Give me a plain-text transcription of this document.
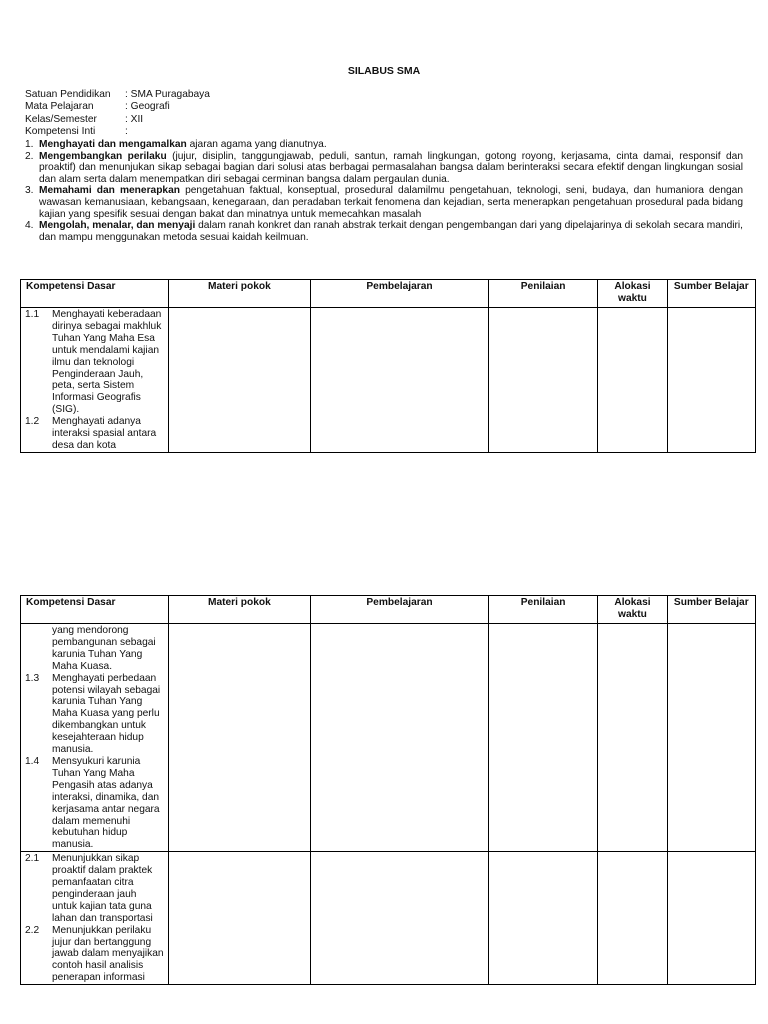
SILABUS SMA
Satuan Pendidikan	: SMA Puragabaya
Mata Pelajaran	: Geografi
Kelas/Semester	: XII
Kompetensi Inti	:
1. Menghayati dan mengamalkan ajaran agama yang dianutnya.
2. Mengembangkan perilaku (jujur, disiplin, tanggungjawab, peduli, santun, ramah lingkungan, gotong royong, kerjasama, cinta damai, responsif dan proaktif) dan menunjukan sikap sebagai bagian dari solusi atas berbagai permasalahan bangsa dalam berinteraksi secara efektif dengan lingkungan sosial dan alam serta dalam menempatkan diri sebagai cerminan bangsa dalam pergaulan dunia.
3. Memahami dan menerapkan pengetahuan faktual, konseptual, prosedural dalamilmu pengetahuan, teknologi, seni, budaya, dan humaniora dengan wawasan kemanusiaan, kebangsaan, kenegaraan, dan peradaban terkait fenomena dan kejadian, serta menerapkan pengetahuan prosedural pada bidang kajian yang spesifik sesuai dengan bakat dan minatnya untuk memecahkan masalah
4. Mengolah, menalar, dan menyaji dalam ranah konkret dan ranah abstrak terkait dengan pengembangan dari yang dipelajarinya di sekolah secara mandiri, dan mampu menggunakan metoda sesuai kaidah keilmuan.
Kompetensi Dasar	Materi pokok	Pembelajaran	Penilaian	Alokasi waktu	Sumber Belajar

1.1 Menghayati keberadaan dirinya sebagai makhluk Tuhan Yang Maha Esa untuk mendalami kajian ilmu dan teknologi Penginderaan Jauh, peta, serta Sistem Informasi Geografis (SIG).
1.2 Menghayati adanya interaksi spasial antara desa dan kota					

Kompetensi Dasar	Materi pokok	Pembelajaran	Penilaian	Alokasi waktu	Sumber Belajar

yang mendorong pembangunan sebagai karunia Tuhan Yang Maha Kuasa.
1.3 Menghayati perbedaan potensi wilayah sebagai karunia Tuhan Yang Maha Kuasa yang perlu dikembangkan untuk kesejahteraan hidup manusia.
1.4 Mensyukuri karunia Tuhan Yang Maha Pengasih atas adanya interaksi, dinamika, dan kerjasama antar negara dalam memenuhi kebutuhan hidup manusia.					

2.1 Menunjukkan sikap proaktif dalam praktek pemanfaatan citra penginderaan jauh untuk kajian tata guna lahan dan transportasi
2.2 Menunjukkan perilaku jujur dan bertanggung jawab dalam menyajikan contoh hasil analisis penerapan informasi					
